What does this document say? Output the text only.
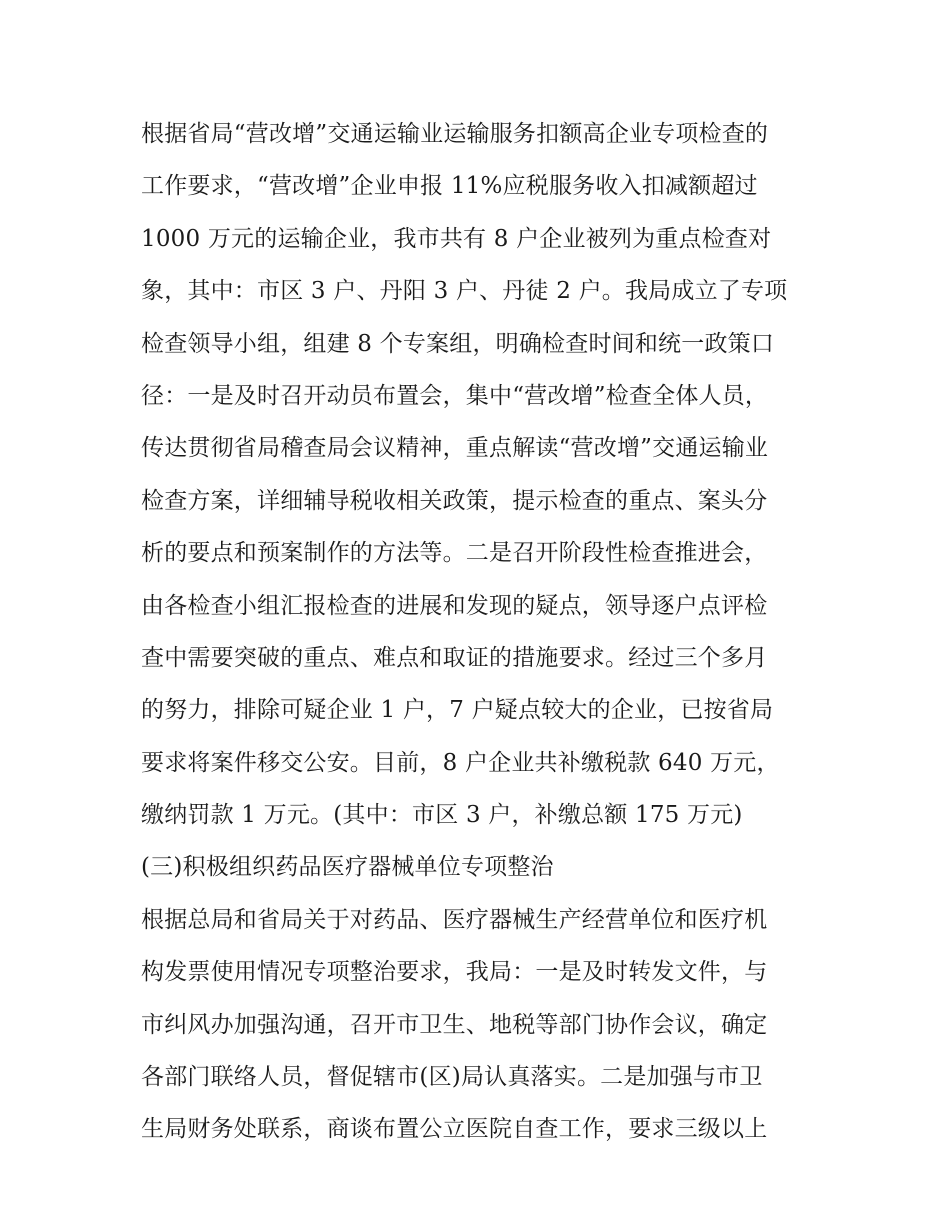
根据省局“营改增”交通运输业运输服务扣额高企业专项检查的
工作要求，“营改增”企业申报 11%应税服务收入扣减额超过
1000 万元的运输企业，我市共有 8 户企业被列为重点检查对
象，其中：市区 3 户、丹阳 3 户、丹徒 2 户。我局成立了专项
检查领导小组，组建 8 个专案组，明确检查时间和统一政策口
径：一是及时召开动员布置会，集中“营改增”检查全体人员，
传达贯彻省局稽查局会议精神，重点解读“营改增”交通运输业
检查方案，详细辅导税收相关政策，提示检查的重点、案头分
析的要点和预案制作的方法等。二是召开阶段性检查推进会，
由各检查小组汇报检查的进展和发现的疑点，领导逐户点评检
查中需要突破的重点、难点和取证的措施要求。经过三个多月
的努力，排除可疑企业 1 户，7 户疑点较大的企业，已按省局
要求将案件移交公安。目前，8 户企业共补缴税款 640 万元，
缴纳罚款 1 万元。(其中：市区 3 户，补缴总额 175 万元)
(三)积极组织药品医疗器械单位专项整治
根据总局和省局关于对药品、医疗器械生产经营单位和医疗机
构发票使用情况专项整治要求，我局：一是及时转发文件，与
市纠风办加强沟通，召开市卫生、地税等部门协作会议，确定
各部门联络人员，督促辖市(区)局认真落实。二是加强与市卫
生局财务处联系，商谈布置公立医院自查工作，要求三级以上
